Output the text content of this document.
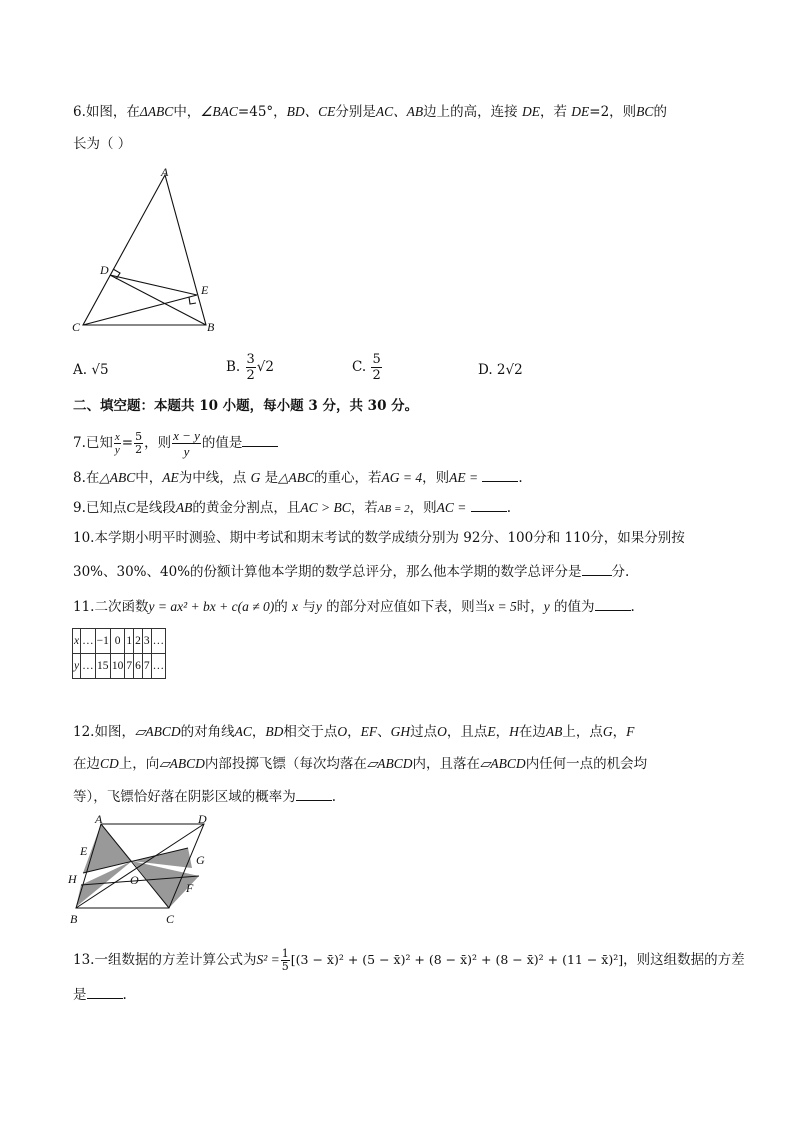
6.如图，在ΔABC中，∠BAC=45°，BD、CE分别是AC、AB边上的高，连接 DE，若 DE=2，则BC的
长为（ ）
A
D
E
C	B
A. √5	B. $\frac{3}{2} √2$	C. $\frac{5}{2}$	D. 2√2
二、填空题：本题共 10 小题，每小题 3 分，共 30 分。
7.已知 $\frac{x}{y} = \frac{5}{2}$ ，则 $\frac{x - y}{y}$ 的值是
8.在△ABC中，AE为中线，点 G 是△ABC的重心，若AG = 4，则AE =	.
9.已知点C是线段AB的黄金分割点，且AC > BC，若AB = 2，则AC =	.
10.本学期小明平时测验、期中考试和期末考试的数学成绩分别为 92分、100分和 110分，如果分别按
30%、30%、40%的份额计算他本学期的数学总评分，那么他本学期的数学总评分是 分.
11.二次函数y = ax² + bx + c(a ≠ 0)的 x 与y 的部分对应值如下表，则当x = 5时，y 的值为	.
x	…	−1	0	1	2	3	…
y	…	15	10	7	6	7	…
12.如图，▱ABCD的对角线AC，BD相交于点O，EF、GH过点O，且点E，H在边AB上，点G，F
在边CD上，向▱ABCD内部投掷飞镖（每次均落在▱ABCD内，且落在▱ABCD内任何一点的机会均
等），飞镖恰好落在阴影区域的概率为	.
A	D
E
G
H	O
F
B	C
13.一组数据的方差计算公式为$S^2 = \frac{1}{5} [(3$ − x̄)² + (5 − x̄)² + (8 − x̄)² + (8 − x̄)² + (11 − x̄)²]，则这组数据的方差
是	.
